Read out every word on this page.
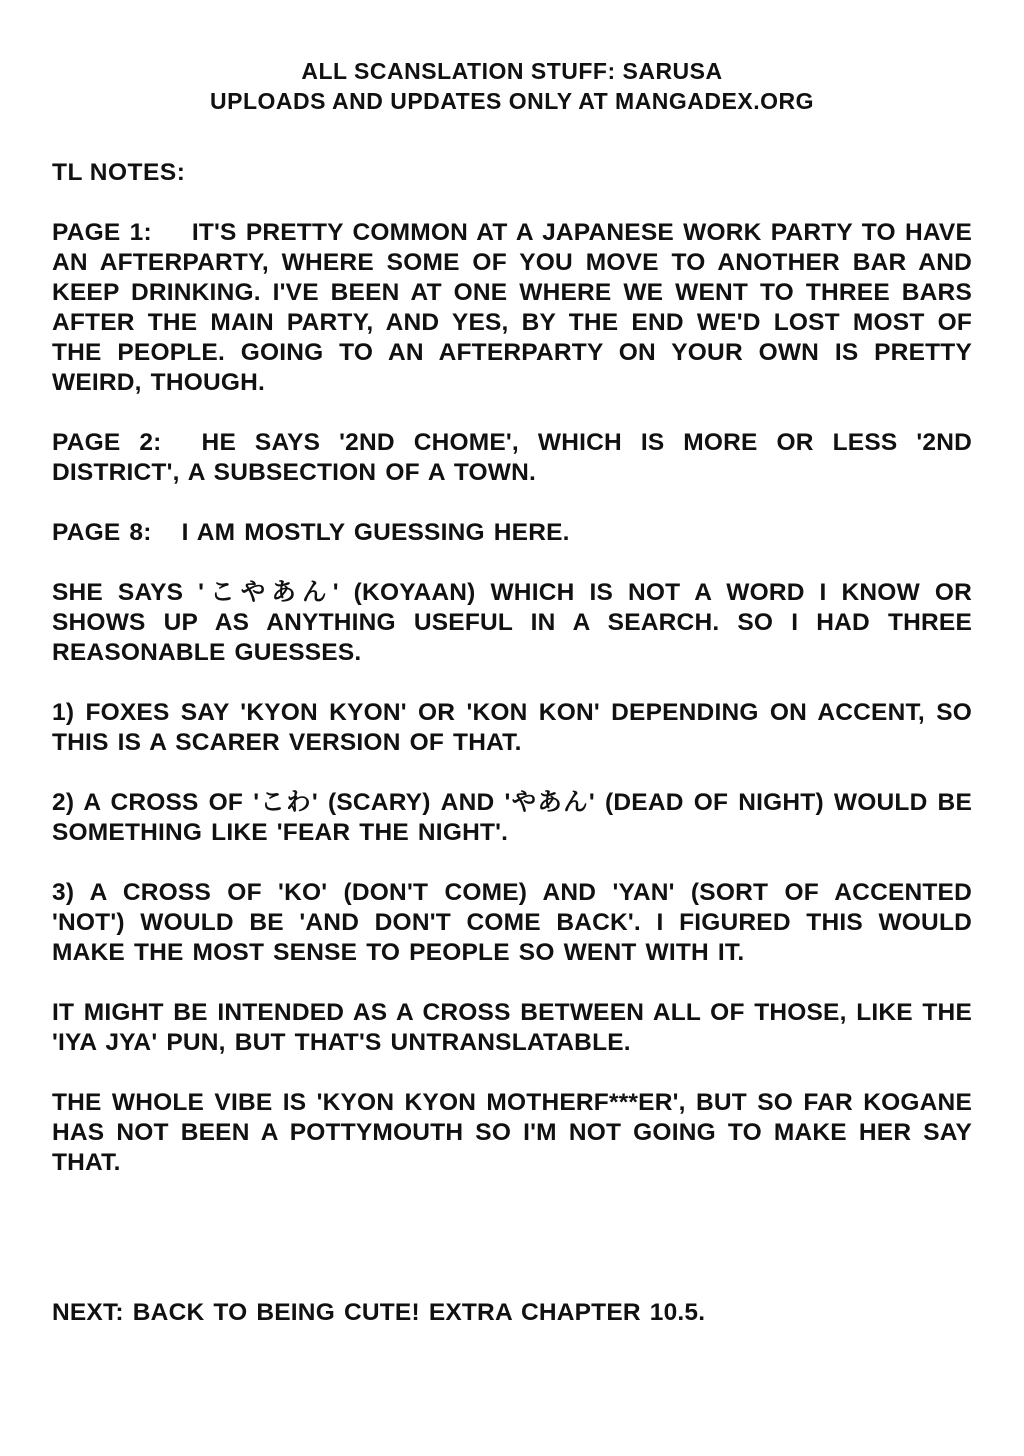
ALL SCANSLATION STUFF: SARUSA
UPLOADS AND UPDATES ONLY AT MANGADEX.ORG
TL NOTES:

PAGE 1: IT'S PRETTY COMMON AT A JAPANESE WORK PARTY TO HAVE AN AFTERPARTY, WHERE SOME OF YOU MOVE TO ANOTHER BAR AND KEEP DRINKING. I'VE BEEN AT ONE WHERE WE WENT TO THREE BARS AFTER THE MAIN PARTY, AND YES, BY THE END WE'D LOST MOST OF THE PEOPLE. GOING TO AN AFTERPARTY ON YOUR OWN IS PRETTY WEIRD, THOUGH.

PAGE 2: HE SAYS '2ND CHOME', WHICH IS MORE OR LESS '2ND DISTRICT', A SUBSECTION OF A TOWN.

PAGE 8: I AM MOSTLY GUESSING HERE.

SHE SAYS 'こやあん' (KOYAAN) WHICH IS NOT A WORD I KNOW OR SHOWS UP AS ANYTHING USEFUL IN A SEARCH. SO I HAD THREE REASONABLE GUESSES.

1) FOXES SAY 'KYON KYON' OR 'KON KON' DEPENDING ON ACCENT, SO THIS IS A SCARER VERSION OF THAT.

2) A CROSS OF 'こわ' (SCARY) AND 'やあん' (DEAD OF NIGHT) WOULD BE SOMETHING LIKE 'FEAR THE NIGHT'.

3) A CROSS OF 'KO' (DON'T COME) AND 'YAN' (SORT OF ACCENTED 'NOT') WOULD BE 'AND DON'T COME BACK'. I FIGURED THIS WOULD MAKE THE MOST SENSE TO PEOPLE SO WENT WITH IT.

IT MIGHT BE INTENDED AS A CROSS BETWEEN ALL OF THOSE, LIKE THE 'IYA JYA' PUN, BUT THAT'S UNTRANSLATABLE.

THE WHOLE VIBE IS 'KYON KYON MOTHERF***ER', BUT SO FAR KOGANE HAS NOT BEEN A POTTYMOUTH SO I'M NOT GOING TO MAKE HER SAY THAT.

NEXT: BACK TO BEING CUTE! EXTRA CHAPTER 10.5.
